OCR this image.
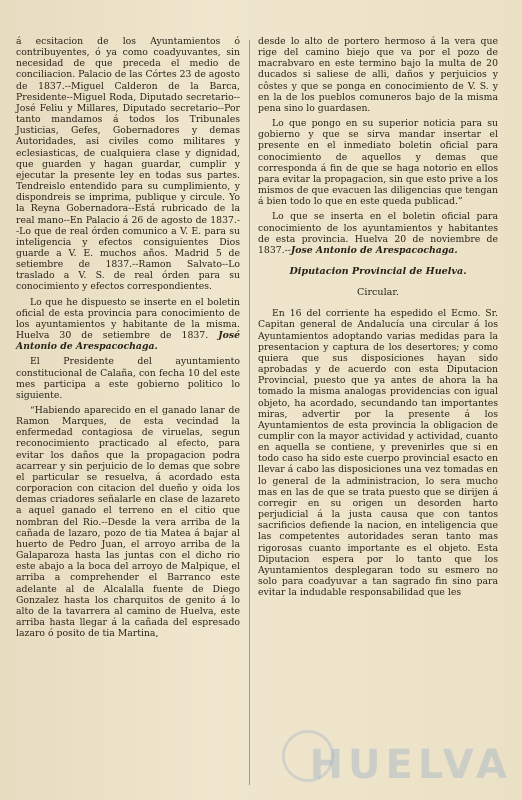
á ecsitacion de los Ayuntamientos ó contribuyentes, ó ya como coadyuvantes, sin necesidad de que preceda el medio de conciliacion. Palacio de las Córtes 23 de agosto de 1837.--Miguel Calderon de la Barca, Presidente--Miguel Roda, Diputado secretario--José Feliu y Millares, Diputado secretario--Por tanto mandamos á todos los Tribunales Justicias, Gefes, Gobernadores y demas Autoridades, asi civiles como militares y eclesiasticas, de cualquiera clase y dignidad, que guarden y hagan guardar, cumplir y ejecutar la presente ley en todas sus partes. Tendreislo entendido para su cumplimiento, y dispondreis se imprima, publique y circule. Yo la Reyna Gobernadora--Está rubricado de la real mano--En Palacio á 26 de agosto de 1837.--Lo que de real órden comunico a V. E. para su inteligencia y efectos consiguientes Dios guarde a V. E. muchos años. Madrid 5 de setiembre de 1837.--Ramon Salvato--Lo traslado a V. S. de real órden para su conocimiento y efectos correspondientes.

Lo que he dispuesto se inserte en el boletin oficial de esta provincia para conocimiento de los ayuntamientos y habitante de la misma. Huelva 30 de setiembre de 1837. José Antonio de Arespacochaga.

El Presidente del ayuntamiento constitucional de Calaña, con fecha 10 del este mes participa a este gobierno politico lo siguiente.

“Habiendo aparecido en el ganado lanar de Ramon Marques, de esta vecindad la enfermedad contagiosa de viruelas, segun reconocimiento practicado al efecto, para evitar los daños que la propagacion podra acarrear y sin perjuicio de lo demas que sobre el particular se resuelva, á acordado esta corporacion con citacion del dueño y oida los demas criadores señalarle en clase de lazareto a aquel ganado el terreno en el citio que nombran del Rio.--Desde la vera arriba de la cañada de lazaro, pozo de tia Matea á bajar al huerto de Pedro Juan, el arroyo arriba de la Galaparoza hasta las juntas con el dicho rio este abajo a la boca del arroyo de Malpique, el arriba a comprehender el Barranco este adelante al de Alcalalla fuente de Diego Gonzalez hasta los charquitos de genito á lo alto de la tavarrera al camino de Huelva, este arriba hasta llegar á la cañada del espresado lazaro ó posito de tia Martina,

desde lo alto de portero hermoso á la vera que rige del camino biejo que va por el pozo de macrabvaro en este termino bajo la multa de 20 ducados si saliese de alli, daños y perjuicios y côstes y que se ponga en conocimiento de V. S. y en la de los pueblos comuneros bajo de la misma pena sino lo guardasen.

Lo que pongo en su superior noticia para su gobierno y que se sirva mandar insertar el presente en el inmediato boletin oficial para conocimiento de aquellos y demas que corresponda á fin de que se haga notorio en ellos para evitar la propagacion, sin que esto prive a los mismos de que evacuen las diligencias que tengan á bien todo lo que en este queda publicad.”

Lo que se inserta en el boletin oficial para conocimiento de los ayuntamientos y habitantes de esta provincia. Huelva 20 de noviembre de 1837.--Jose Antonio de Arespacochaga.

Diputacion Provincial de Huelva.

Circular.

En 16 del corriente ha espedido el Ecmo. Sr. Capitan general de Andalucía una circular á los Ayuntamientos adoptando varias medidas para la presentacion y captura de los desertores; y como quiera que sus disposiciones hayan sido aprobadas y de acuerdo con esta Diputacion Provincial, puesto que ya antes de ahora la ha tomado la misma analogas providencias con igual objeto, ha acordado, secundando tan importantes miras, advertir por la presente á los Ayuntamientos de esta provincia la obligacion de cumplir con la mayor actividad y actividad, cuanto en aquella se contiene, y prevenirles que si en todo caso ha sido este cuerpo provincial esacto en llevar á cabo las disposiciones una vez tomadas en lo general de la administracion, lo sera mucho mas en las de que se trata puesto que se dirijen á corregir en su origen un desorden harto perjudicial á la justa causa que con tantos sacrificios defiende la nacion, en inteligencia que las competentes autoridades seran tanto mas rigorosas cuanto importante es el objeto. Esta Diputacion espera por lo tanto que los Ayuntamientos desplegaran todo su esmero no solo para coadyuvar a tan sagrado fin sino para evitar la indudable responsabilidad que les

HUELVA
